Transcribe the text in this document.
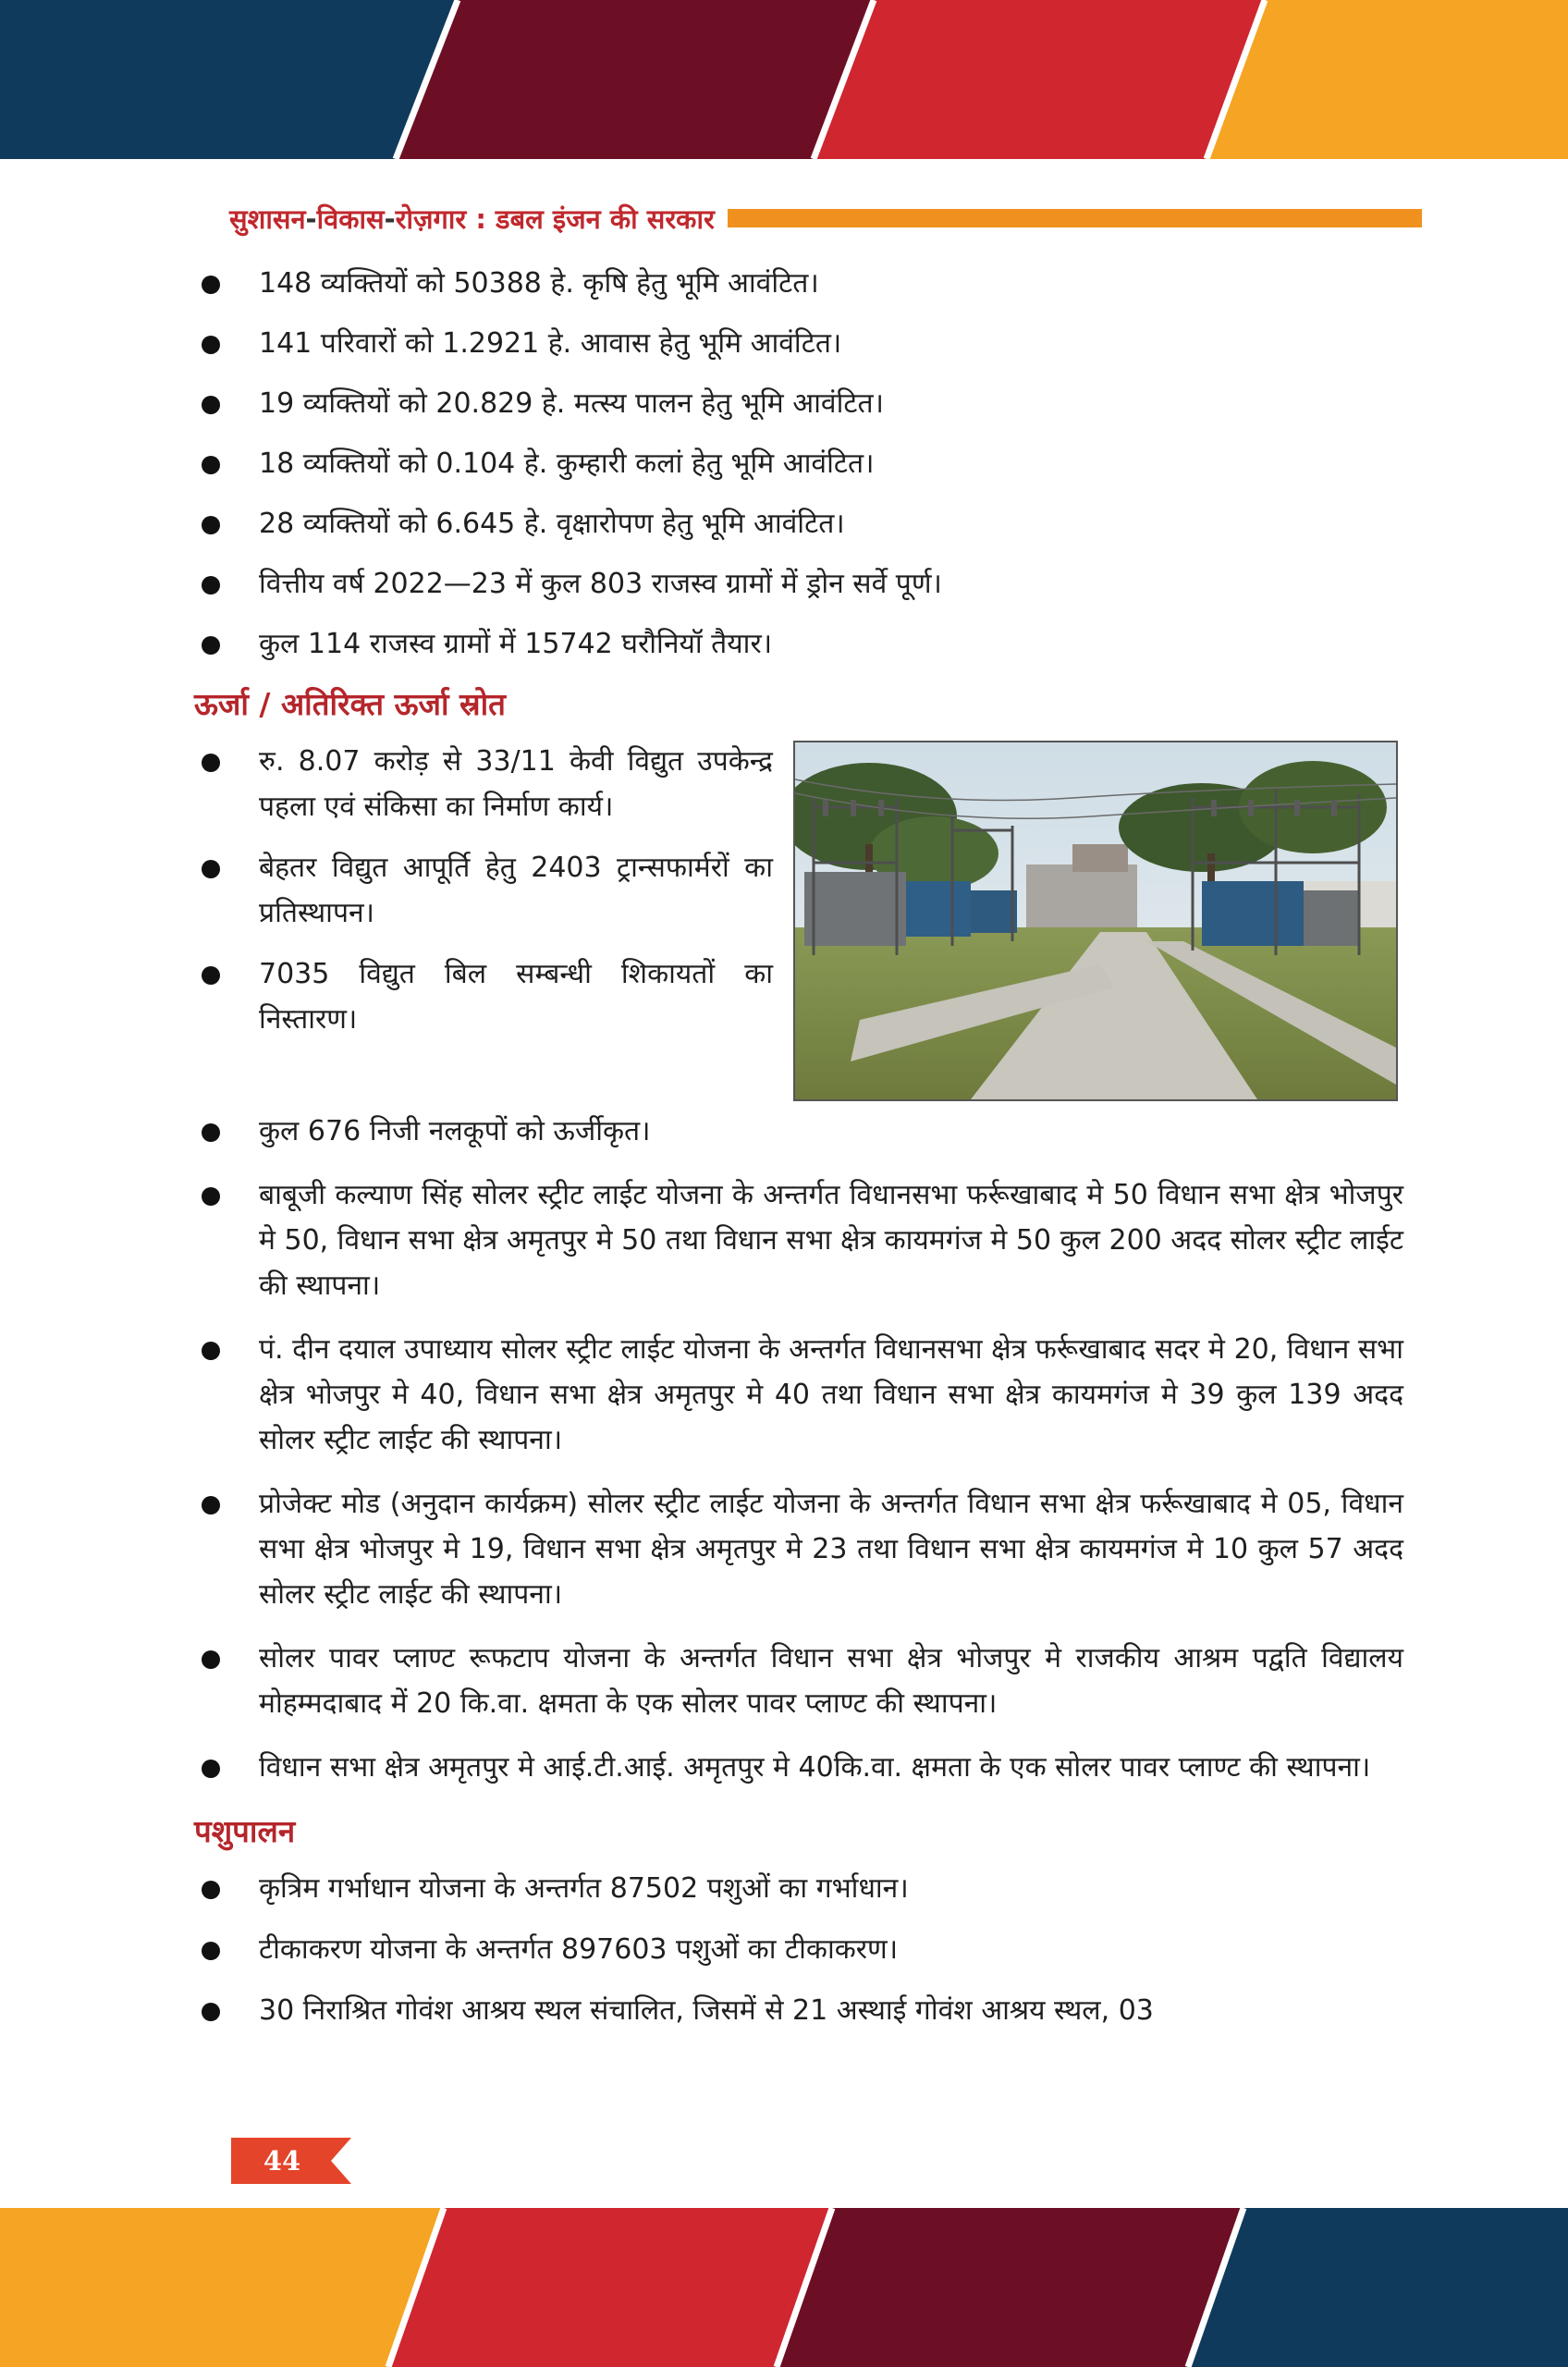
सुशासन-विकास-रोज़गार : डबल इंजन की सरकार
148 व्यक्तियों को 50388 हे. कृषि हेतु भूमि आवंटित।
141 परिवारों को 1.2921 हे. आवास हेतु भूमि आवंटित।
19 व्यक्तियों को 20.829 हे. मत्स्य पालन हेतु भूमि आवंटित।
18 व्यक्तियों को 0.104 हे. कुम्हारी कलां हेतु भूमि आवंटित।
28 व्यक्तियों को 6.645 हे. वृक्षारोपण हेतु भूमि आवंटित।
वित्तीय वर्ष 2022—23 में कुल 803 राजस्व ग्रामों में ड्रोन सर्वे पूर्ण।
कुल 114 राजस्व ग्रामों में 15742 घरौनियॉ तैयार।
ऊर्जा / अतिरिक्त ऊर्जा स्रोत
रु. 8.07 करोड़ से 33/11 केवी विद्युत उपकेन्द्र पहला एवं संकिसा का निर्माण कार्य।
बेहतर विद्युत आपूर्ति हेतु 2403 ट्रान्सफार्मरों का प्रतिस्थापन।
7035 विद्युत बिल सम्बन्धी शिकायतों का निस्तारण।
कुल 676 निजी नलकूपों को ऊर्जीकृत।
बाबूजी कल्याण सिंह सोलर स्ट्रीट लाईट योजना के अन्तर्गत विधानसभा फर्रूखाबाद मे 50 विधान सभा क्षेत्र भोजपुर मे 50, विधान सभा क्षेत्र अमृतपुर मे 50 तथा विधान सभा क्षेत्र कायमगंज मे 50 कुल 200 अदद सोलर स्ट्रीट लाईट की स्थापना।
पं. दीन दयाल उपाध्याय सोलर स्ट्रीट लाईट योजना के अन्तर्गत विधानसभा क्षेत्र फर्रूखाबाद सदर मे 20, विधान सभा क्षेत्र भोजपुर मे 40, विधान सभा क्षेत्र अमृतपुर मे 40 तथा विधान सभा क्षेत्र कायमगंज मे 39 कुल 139 अदद सोलर स्ट्रीट लाईट की स्थापना।
प्रोजेक्ट मोड (अनुदान कार्यक्रम) सोलर स्ट्रीट लाईट योजना के अन्तर्गत विधान सभा क्षेत्र फर्रूखाबाद मे 05, विधान सभा क्षेत्र भोजपुर मे 19, विधान सभा क्षेत्र अमृतपुर मे 23 तथा विधान सभा क्षेत्र कायमगंज मे 10 कुल 57 अदद सोलर स्ट्रीट लाईट की स्थापना।
सोलर पावर प्लाण्ट रूफटाप योजना के अन्तर्गत विधान सभा क्षेत्र भोजपुर मे राजकीय आश्रम पद्वति विद्यालय मोहम्मदाबाद में 20 कि.वा. क्षमता के एक सोलर पावर प्लाण्ट की स्थापना।
विधान सभा क्षेत्र अमृतपुर मे आई.टी.आई. अमृतपुर मे 40कि.वा. क्षमता के एक सोलर पावर प्लाण्ट की स्थापना।
पशुपालन
कृत्रिम गर्भाधान योजना के अन्तर्गत 87502 पशुओं का गर्भाधान।
टीकाकरण योजना के अन्तर्गत 897603 पशुओं का टीकाकरण।
30 निराश्रित गोवंश आश्रय स्थल संचालित, जिसमें से 21 अस्थाई गोवंश आश्रय स्थल, 03
44
